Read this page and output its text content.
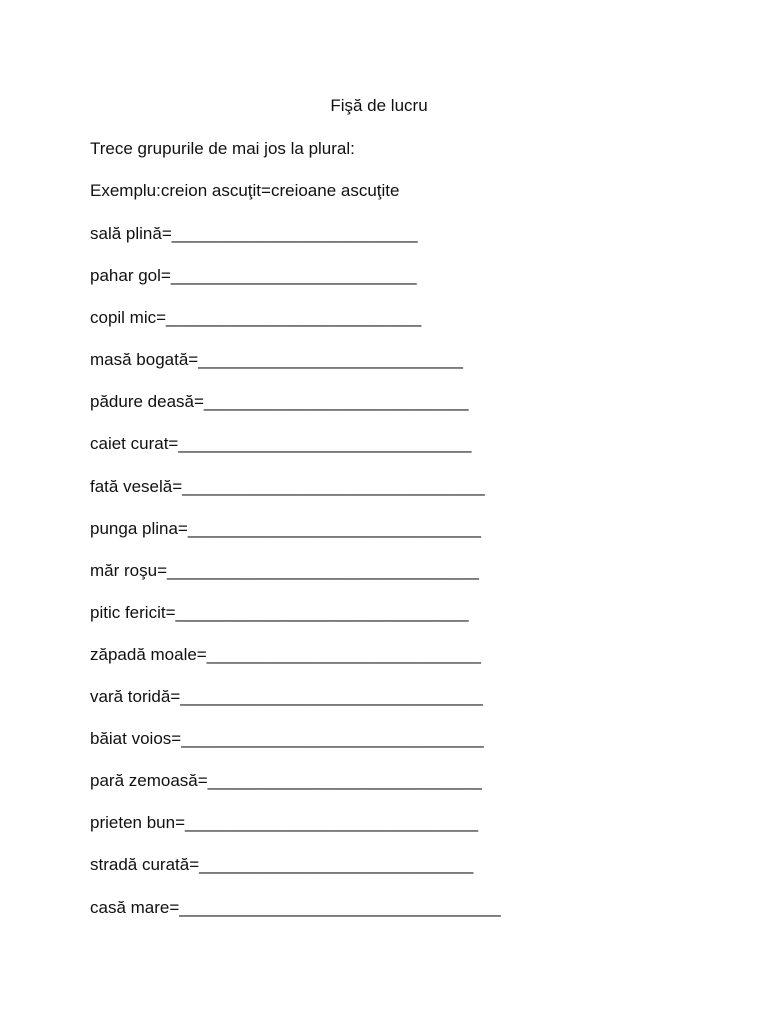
Fişă de lucru
Trece grupurile de mai jos la plural:
Exemplu:creion ascuţit=creioane ascuţite
sală plină=__________________________
pahar gol=__________________________
copil mic=___________________________
masă bogată=____________________________
pădure deasă=____________________________
caiet curat=_______________________________
fată veselă=________________________________
punga plina=_______________________________
măr roşu=_________________________________
pitic fericit=_______________________________
zăpadă moale=_____________________________
vară toridă=________________________________
băiat voios=________________________________
pară zemoasă=_____________________________
prieten bun=_______________________________
stradă curată=_____________________________
casă mare=__________________________________
